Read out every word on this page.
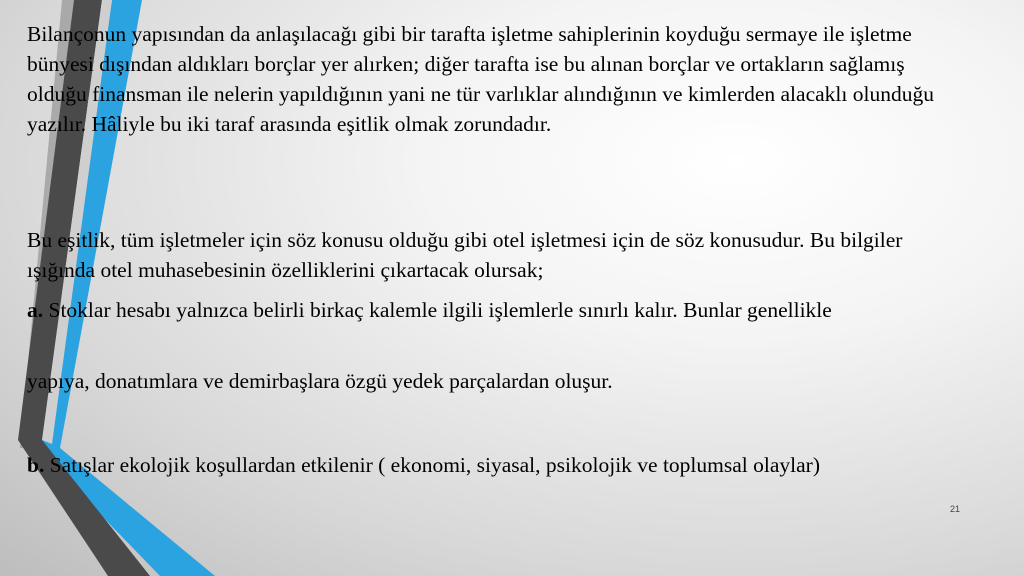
Bilançonun yapısından da anlaşılacağı gibi bir tarafta işletme sahiplerinin koyduğu sermaye ile işletme bünyesi dışından aldıkları borçlar yer alırken; diğer tarafta ise bu alınan borçlar ve ortakların sağlamış olduğu finansman ile nelerin yapıldığının yani ne tür varlıklar alındığının ve kimlerden alacaklı olunduğu yazılır. Hâliyle bu iki taraf arasında eşitlik olmak zorundadır.

Bu eşitlik, tüm işletmeler için söz konusu olduğu gibi otel işletmesi için de söz konusudur. Bu bilgiler ışığında otel muhasebesinin özelliklerini çıkartacak olursak;

a. Stoklar hesabı yalnızca belirli birkaç kalemle ilgili işlemlerle sınırlı kalır. Bunlar genellikle

yapıya, donatımlara ve demirbaşlara özgü yedek parçalardan oluşur.

b. Satışlar ekolojik koşullardan etkilenir ( ekonomi, siyasal, psikolojik ve toplumsal olaylar)

21
